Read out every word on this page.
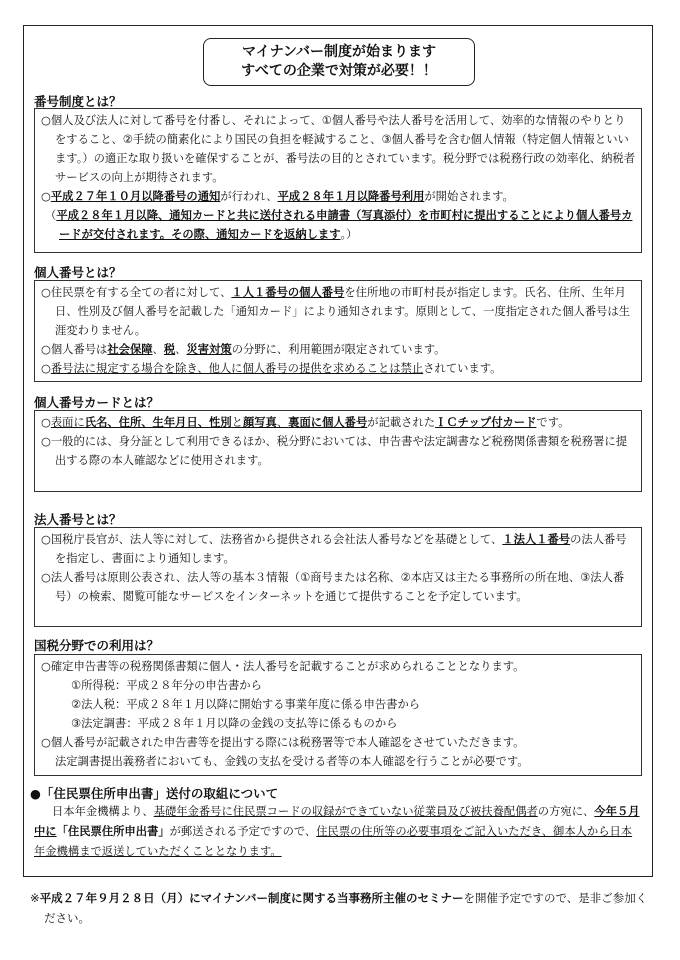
マイナンバー制度が始まります
すべての企業で対策が必要！！
番号制度とは？

○個人及び法人に対して番号を付番し、それによって、①個人番号や法人番号を活用して、効率的な情報のやりとりをすること、②手続の簡素化により国民の負担を軽減すること、③個人番号を含む個人情報（特定個人情報といいます。）の適正な取り扱いを確保することが、番号法の目的とされています。税分野では税務行政の効率化、納税者サービスの向上が期待されます。

○平成２７年１０月以降番号の通知が行われ、平成２８年１月以降番号利用が開始されます。

（平成２８年１月以降、通知カードと共に送付される申請書（写真添付）を市町村に提出することにより個人番号カードが交付されます。その際、通知カードを返納します。）

個人番号とは？

○住民票を有する全ての者に対して、１人１番号の個人番号を住所地の市町村長が指定します。氏名、住所、生年月日、性別及び個人番号を記載した「通知カード」により通知されます。原則として、一度指定された個人番号は生涯変わりません。

○個人番号は社会保障、税、災害対策の分野に、利用範囲が限定されています。

○番号法に規定する場合を除き、他人に個人番号の提供を求めることは禁止されています。

個人番号カードとは？

○表面に氏名、住所、生年月日、性別と顔写真、裏面に個人番号が記載されたＩＣチップ付カードです。

○一般的には、身分証として利用できるほか、税分野においては、申告書や法定調書など税務関係書類を税務署に提出する際の本人確認などに使用されます。

法人番号とは？

○国税庁長官が、法人等に対して、法務省から提供される会社法人番号などを基礎として、１法人１番号の法人番号を指定し、書面により通知します。

○法人番号は原則公表され、法人等の基本３情報（①商号または名称、②本店又は主たる事務所の所在地、③法人番号）の検索、閲覧可能なサービスをインターネットを通じて提供することを予定しています。

国税分野での利用は？

○確定申告書等の税務関係書類に個人・法人番号を記載することが求められることとなります。

①所得税：平成２８年分の申告書から

②法人税：平成２８年１月以降に開始する事業年度に係る申告書から

③法定調書：平成２８年１月以降の金銭の支払等に係るものから

○個人番号が記載された申告書等を提出する際には税務署等で本人確認をさせていただきます。

法定調書提出義務者においても、金銭の支払を受ける者等の本人確認を行うことが必要です。

●「住民票住所申出書」送付の取組について
日本年金機構より、基礎年金番号に住民票コードの収録ができていない従業員及び被扶養配偶者の方宛に、今年５月中に「住民票住所申出書」が郵送される予定ですので、住民票の住所等の必要事項をご記入いただき、御本人から日本年金機構まで返送していただくこととなります。
※平成２７年９月２８日（月）にマイナンバー制度に関する当事務所主催のセミナーを開催予定ですので、是非ご参加ください。
